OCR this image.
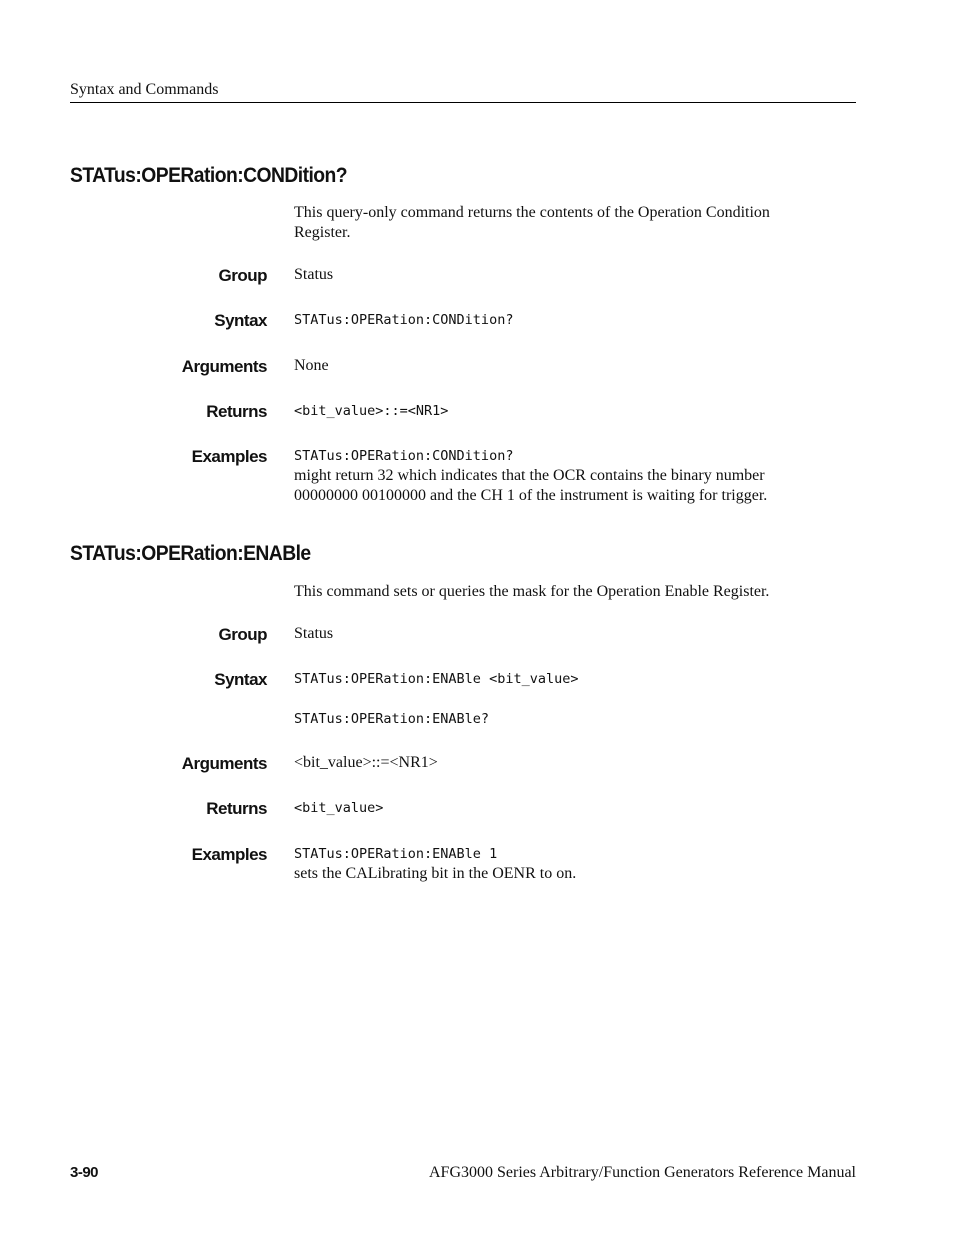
Syntax and Commands
STATus:OPERation:CONDition?

This query-only command returns the contents of the Operation Condition Register.

Group Status
Syntax STATus:OPERation:CONDition?
Arguments None
Returns <bit_value>::=<NR1>
Examples STATus:OPERation:CONDition?
might return 32 which indicates that the OCR contains the binary number 00000000 00100000 and the CH 1 of the instrument is waiting for trigger.
STATus:OPERation:ENABle

This command sets or queries the mask for the Operation Enable Register.

Group Status
Syntax STATus:OPERation:ENABle <bit_value>
STATus:OPERation:ENABle?
Arguments <bit_value>::=<NR1>
Returns <bit_value>
Examples STATus:OPERation:ENABle 1
sets the CALibrating bit in the OENR to on.
3-90	AFG3000 Series Arbitrary/Function Generators Reference Manual
